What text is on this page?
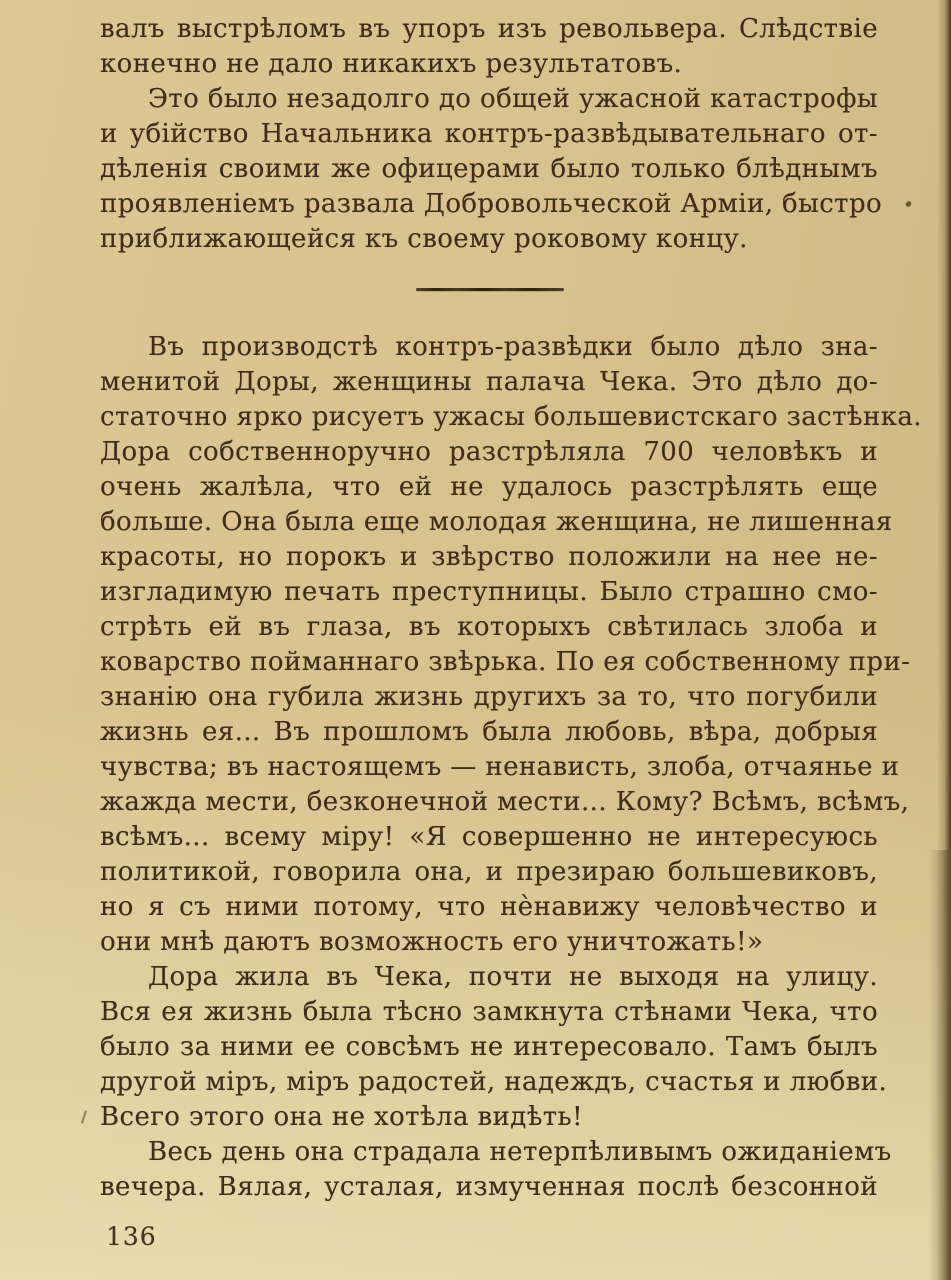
валъ выстрѣломъ въ упоръ изъ револьвера. Слѣдствіе
конечно не дало никакихъ результатовъ.
Это было незадолго до общей ужасной катастрофы
и убійство Начальника контръ-развѣдывательнаго от-
дѣленія своими же офицерами было только блѣднымъ
проявленіемъ развала Добровольческой Арміи, быстро
приближающейся къ своему роковому концу.
Въ производстѣ контръ-развѣдки было дѣло зна-
менитой Доры, женщины палача Чека. Это дѣло до-
статочно ярко рисуетъ ужасы большевистскаго застѣнка.
Дора собственноручно разстрѣляла 700 человѣкъ и
очень жалѣла, что ей не удалось разстрѣлять еще
больше. Она была еще молодая женщина, не лишенная
красоты, но порокъ и звѣрство положили на нее не-
изгладимую печать преступницы. Было страшно смо-
стрѣть ей въ глаза, въ которыхъ свѣтилась злоба и
коварство пойманнаго звѣрька. По ея собственному при-
знанію она губила жизнь другихъ за то, что погубили
жизнь ея... Въ прошломъ была любовь, вѣра, добрыя
чувства; въ настоящемъ — ненависть, злоба, отчаянье и
жажда мести, безконечной мести... Кому? Всѣмъ, всѣмъ,
всѣмъ... всему міру! «Я совершенно не интересуюсь
политикой, говорила она, и презираю большевиковъ,
но я съ ними потому, что нѐнавижу человѣчество и
они мнѣ даютъ возможность его уничтожать!»
Дора жила въ Чека, почти не выходя на улицу.
Вся ея жизнь была тѣсно замкнута стѣнами Чека, что
было за ними ее совсѣмъ не интересовало. Тамъ былъ
другой міръ, міръ радостей, надеждъ, счастья и любви.
Всего этого она не хотѣла видѣть!
Весь день она страдала нетерпѣливымъ ожиданіемъ
вечера. Вялая, усталая, измученная послѣ безсонной
136
